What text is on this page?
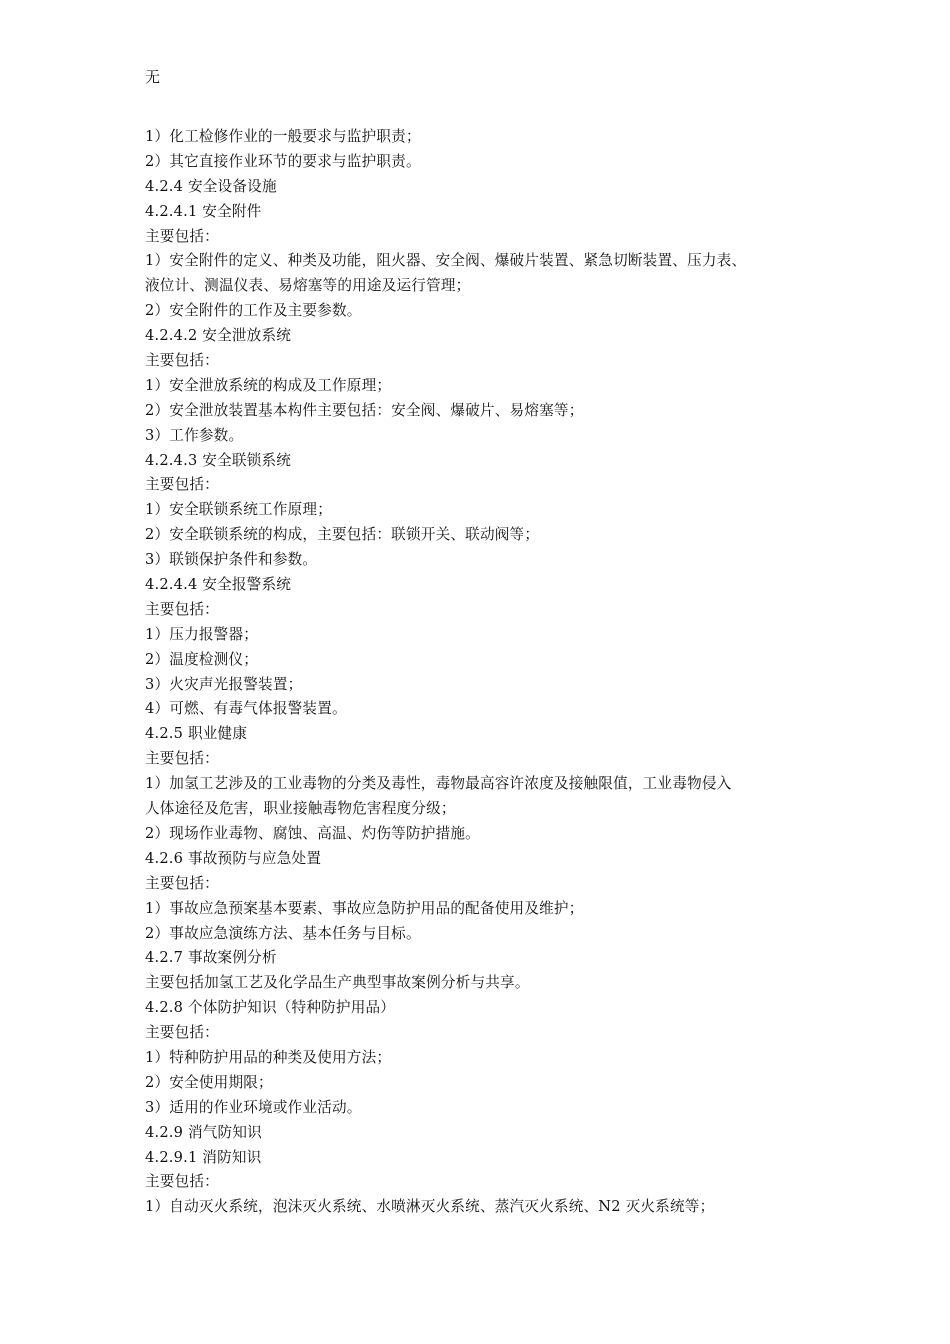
无
1）化工检修作业的一般要求与监护职责；
2）其它直接作业环节的要求与监护职责。
4.2.4 安全设备设施
4.2.4.1 安全附件
主要包括：
1）安全附件的定义、种类及功能，阻火器、安全阀、爆破片装置、紧急切断装置、压力表、
液位计、测温仪表、易熔塞等的用途及运行管理；
2）安全附件的工作及主要参数。
4.2.4.2 安全泄放系统
主要包括：
1）安全泄放系统的构成及工作原理；
2）安全泄放装置基本构件主要包括：安全阀、爆破片、易熔塞等；
3）工作参数。
4.2.4.3 安全联锁系统
主要包括：
1）安全联锁系统工作原理；
2）安全联锁系统的构成，主要包括：联锁开关、联动阀等；
3）联锁保护条件和参数。
4.2.4.4 安全报警系统
主要包括：
1）压力报警器；
2）温度检测仪；
3）火灾声光报警装置；
4）可燃、有毒气体报警装置。
4.2.5 职业健康
主要包括：
1）加氢工艺涉及的工业毒物的分类及毒性，毒物最高容许浓度及接触限值，工业毒物侵入
人体途径及危害，职业接触毒物危害程度分级；
2）现场作业毒物、腐蚀、高温、灼伤等防护措施。
4.2.6 事故预防与应急处置
主要包括：
1）事故应急预案基本要素、事故应急防护用品的配备使用及维护；
2）事故应急演练方法、基本任务与目标。
4.2.7 事故案例分析
主要包括加氢工艺及化学品生产典型事故案例分析与共享。
4.2.8 个体防护知识（特种防护用品）
主要包括：
1）特种防护用品的种类及使用方法；
2）安全使用期限；
3）适用的作业环境或作业活动。
4.2.9 消气防知识
4.2.9.1 消防知识
主要包括：
1）自动灭火系统，泡沫灭火系统、水喷淋灭火系统、蒸汽灭火系统、N2 灭火系统等；
